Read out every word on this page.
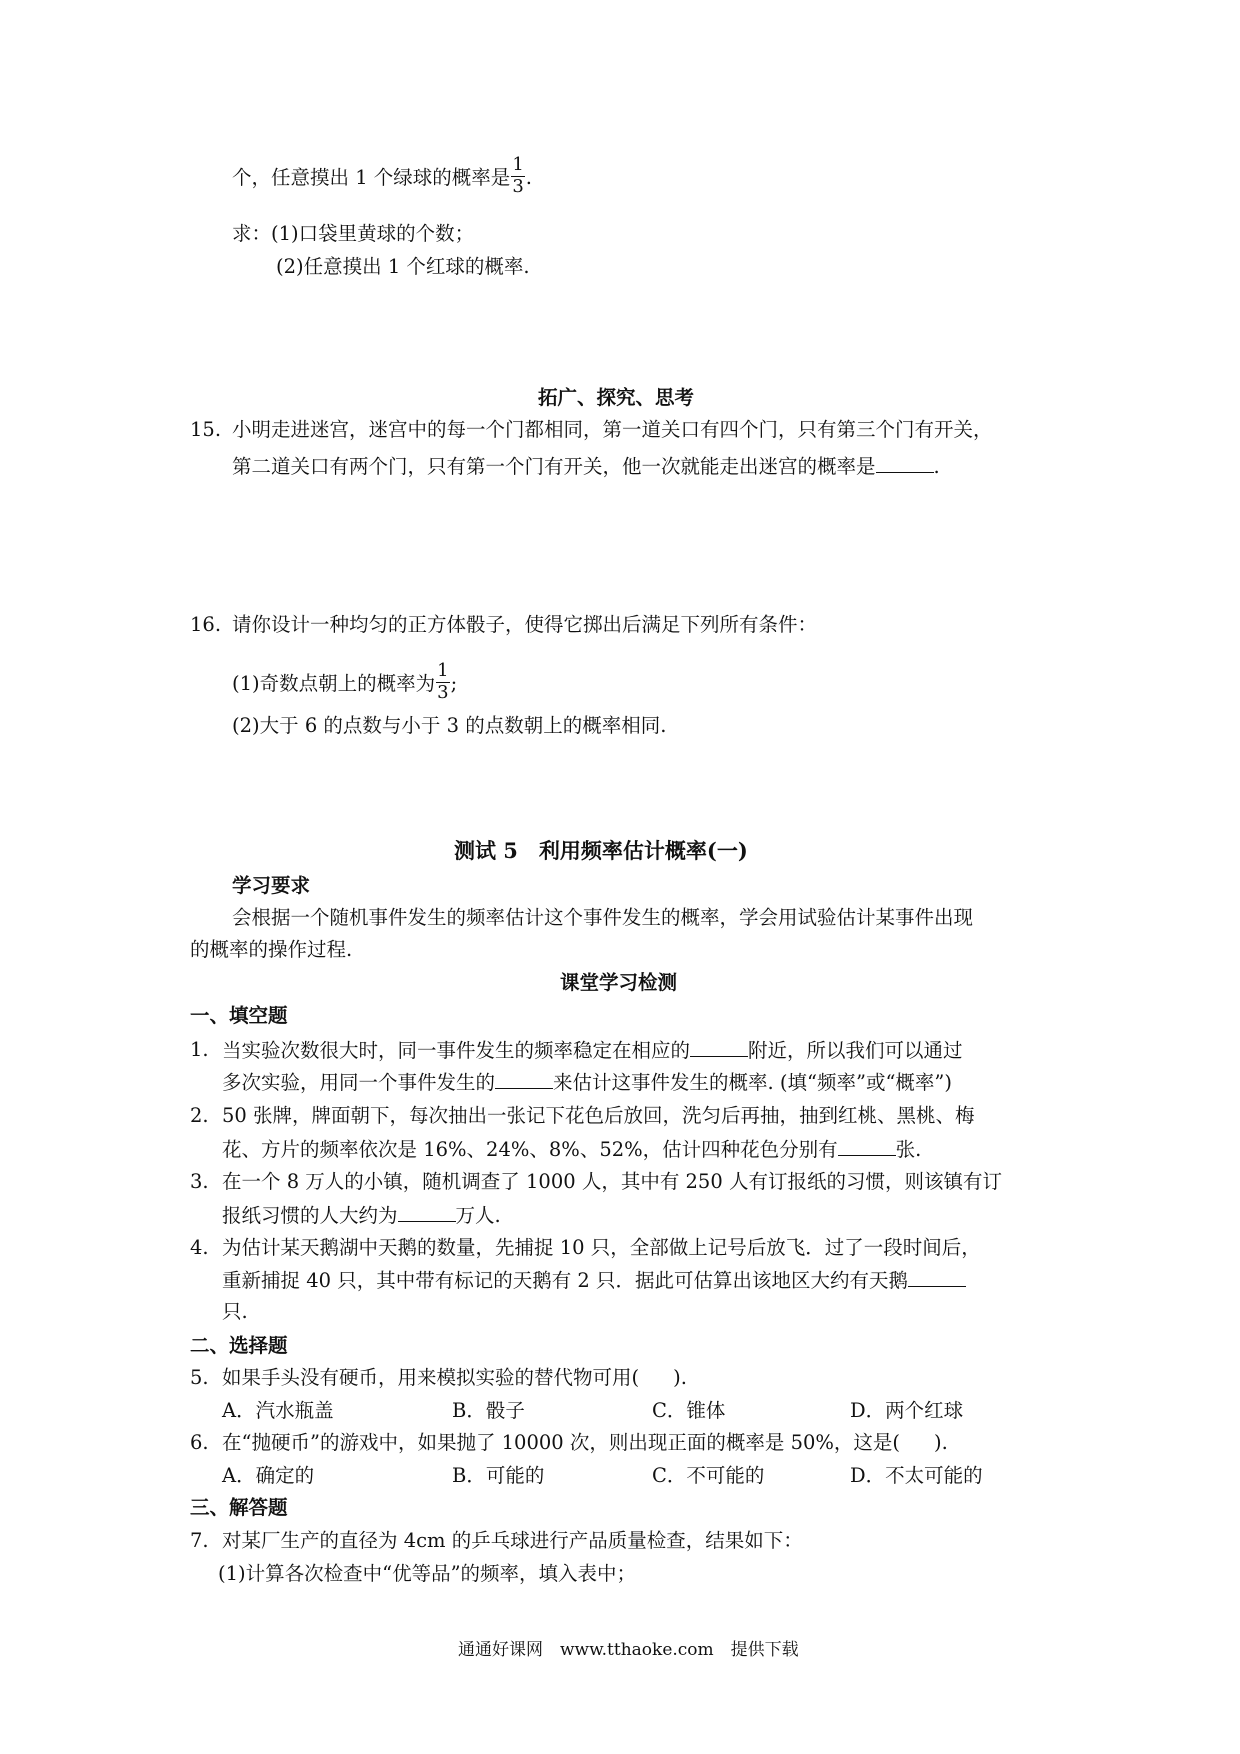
个，任意摸出 1 个绿球的概率是 $\frac{1}{3}$ .
求：(1)口袋里黄球的个数；
(2)任意摸出 1 个红球的概率.
拓广、探究、思考
15. 小明走进迷宫，迷宫中的每一个门都相同，第一道关口有四个门，只有第三个门有开关，
第二道关口有两个门，只有第一个门有开关，他一次就能走出迷宫的概率是	.
16. 请你设计一种均匀的正方体骰子，使得它掷出后满足下列所有条件：
(1)奇数点朝上的概率为 $\frac{1}{3}$ ;
(2)大于 6 的点数与小于 3 的点数朝上的概率相同.
测试 5　利用频率估计概率(一)
学习要求
会根据一个随机事件发生的频率估计这个事件发生的概率，学会用试验估计某事件出现
的概率的操作过程.
课堂学习检测
一、填空题
1. 当实验次数很大时，同一事件发生的频率稳定在相应的	附近，所以我们可以通过
多次实验，用同一个事件发生的	来估计这事件发生的概率. (填“频率”或“概率”)
2. 50 张牌，牌面朝下，每次抽出一张记下花色后放回，洗匀后再抽，抽到红桃、黑桃、梅
花、方片的频率依次是 16%、24%、8%、52%，估计四种花色分别有	张.
3. 在一个 8 万人的小镇，随机调查了 1000 人，其中有 250 人有订报纸的习惯，则该镇有订
报纸习惯的人大约为	万人.
4. 为估计某天鹅湖中天鹅的数量，先捕捉 10 只，全部做上记号后放飞．过了一段时间后，
重新捕捉 40 只，其中带有标记的天鹅有 2 只．据此可估算出该地区大约有天鹅
只.
二、选择题
5. 如果手头没有硬币，用来模拟实验的替代物可用( ).
A．汽水瓶盖	B．骰子	C．锥体	D．两个红球
6. 在“抛硬币”的游戏中，如果抛了 10000 次，则出现正面的概率是 50%，这是( ).
A．确定的	B．可能的	C．不可能的	D．不太可能的
三、解答题
7. 对某厂生产的直径为 4cm 的乒乓球进行产品质量检查，结果如下：
(1)计算各次检查中“优等品”的频率，填入表中；
通通好课网　www.tthaoke.com　提供下载
